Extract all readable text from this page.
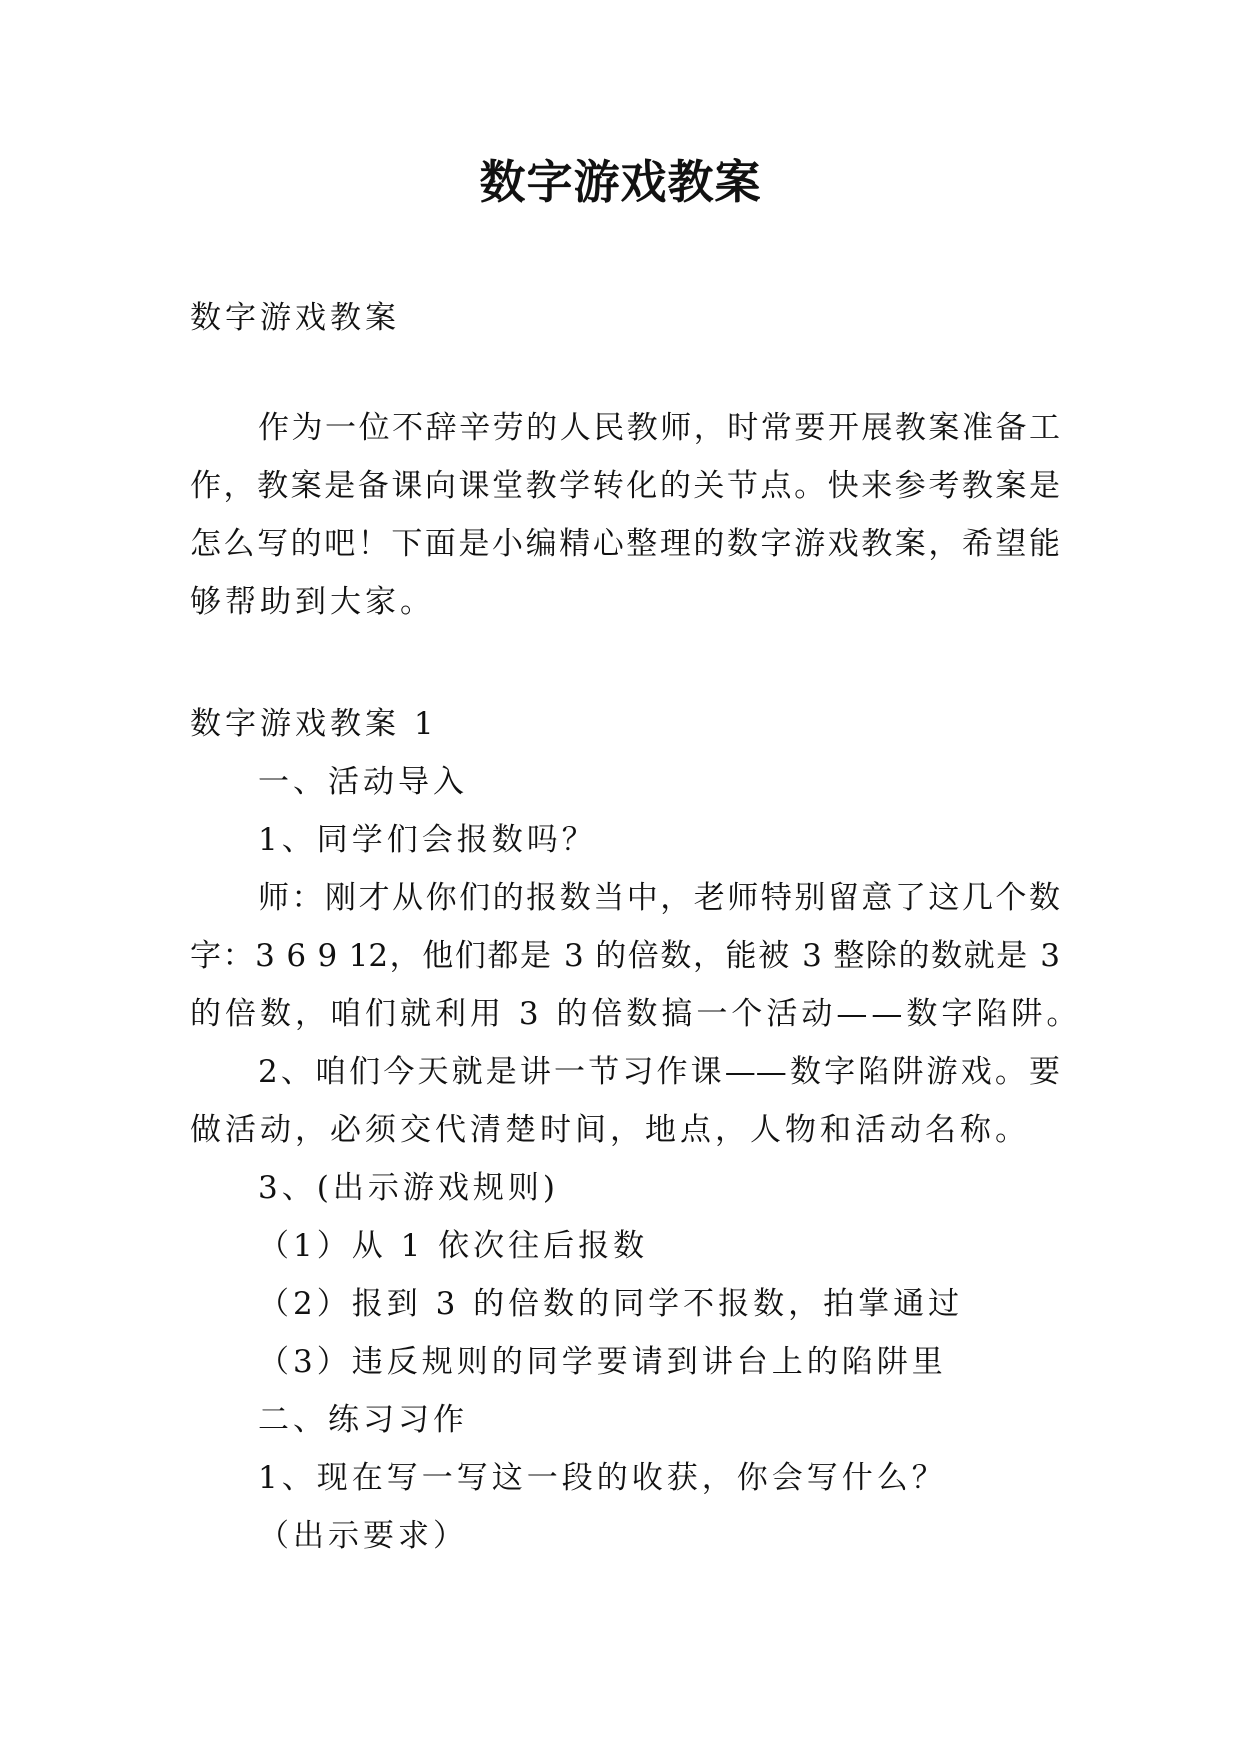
数字游戏教案
数字游戏教案
作为一位不辞辛劳的人民教师，时常要开展教案准备工
作，教案是备课向课堂教学转化的关节点。快来参考教案是
怎么写的吧！下面是小编精心整理的数字游戏教案，希望能
够帮助到大家。
数字游戏教案 1
一、活动导入
1、同学们会报数吗？
师：刚才从你们的报数当中，老师特别留意了这几个数
字：3 6 9 12，他们都是 3 的倍数，能被 3 整除的数就是 3
的倍数，咱们就利用 3 的倍数搞一个活动——数字陷阱。
2、咱们今天就是讲一节习作课——数字陷阱游戏。要
做活动，必须交代清楚时间，地点，人物和活动名称。
3、(出示游戏规则)
（1）从 1 依次往后报数
（2）报到 3 的倍数的同学不报数，拍掌通过
（3）违反规则的同学要请到讲台上的陷阱里
二、练习习作
1、现在写一写这一段的收获，你会写什么？
（出示要求）
